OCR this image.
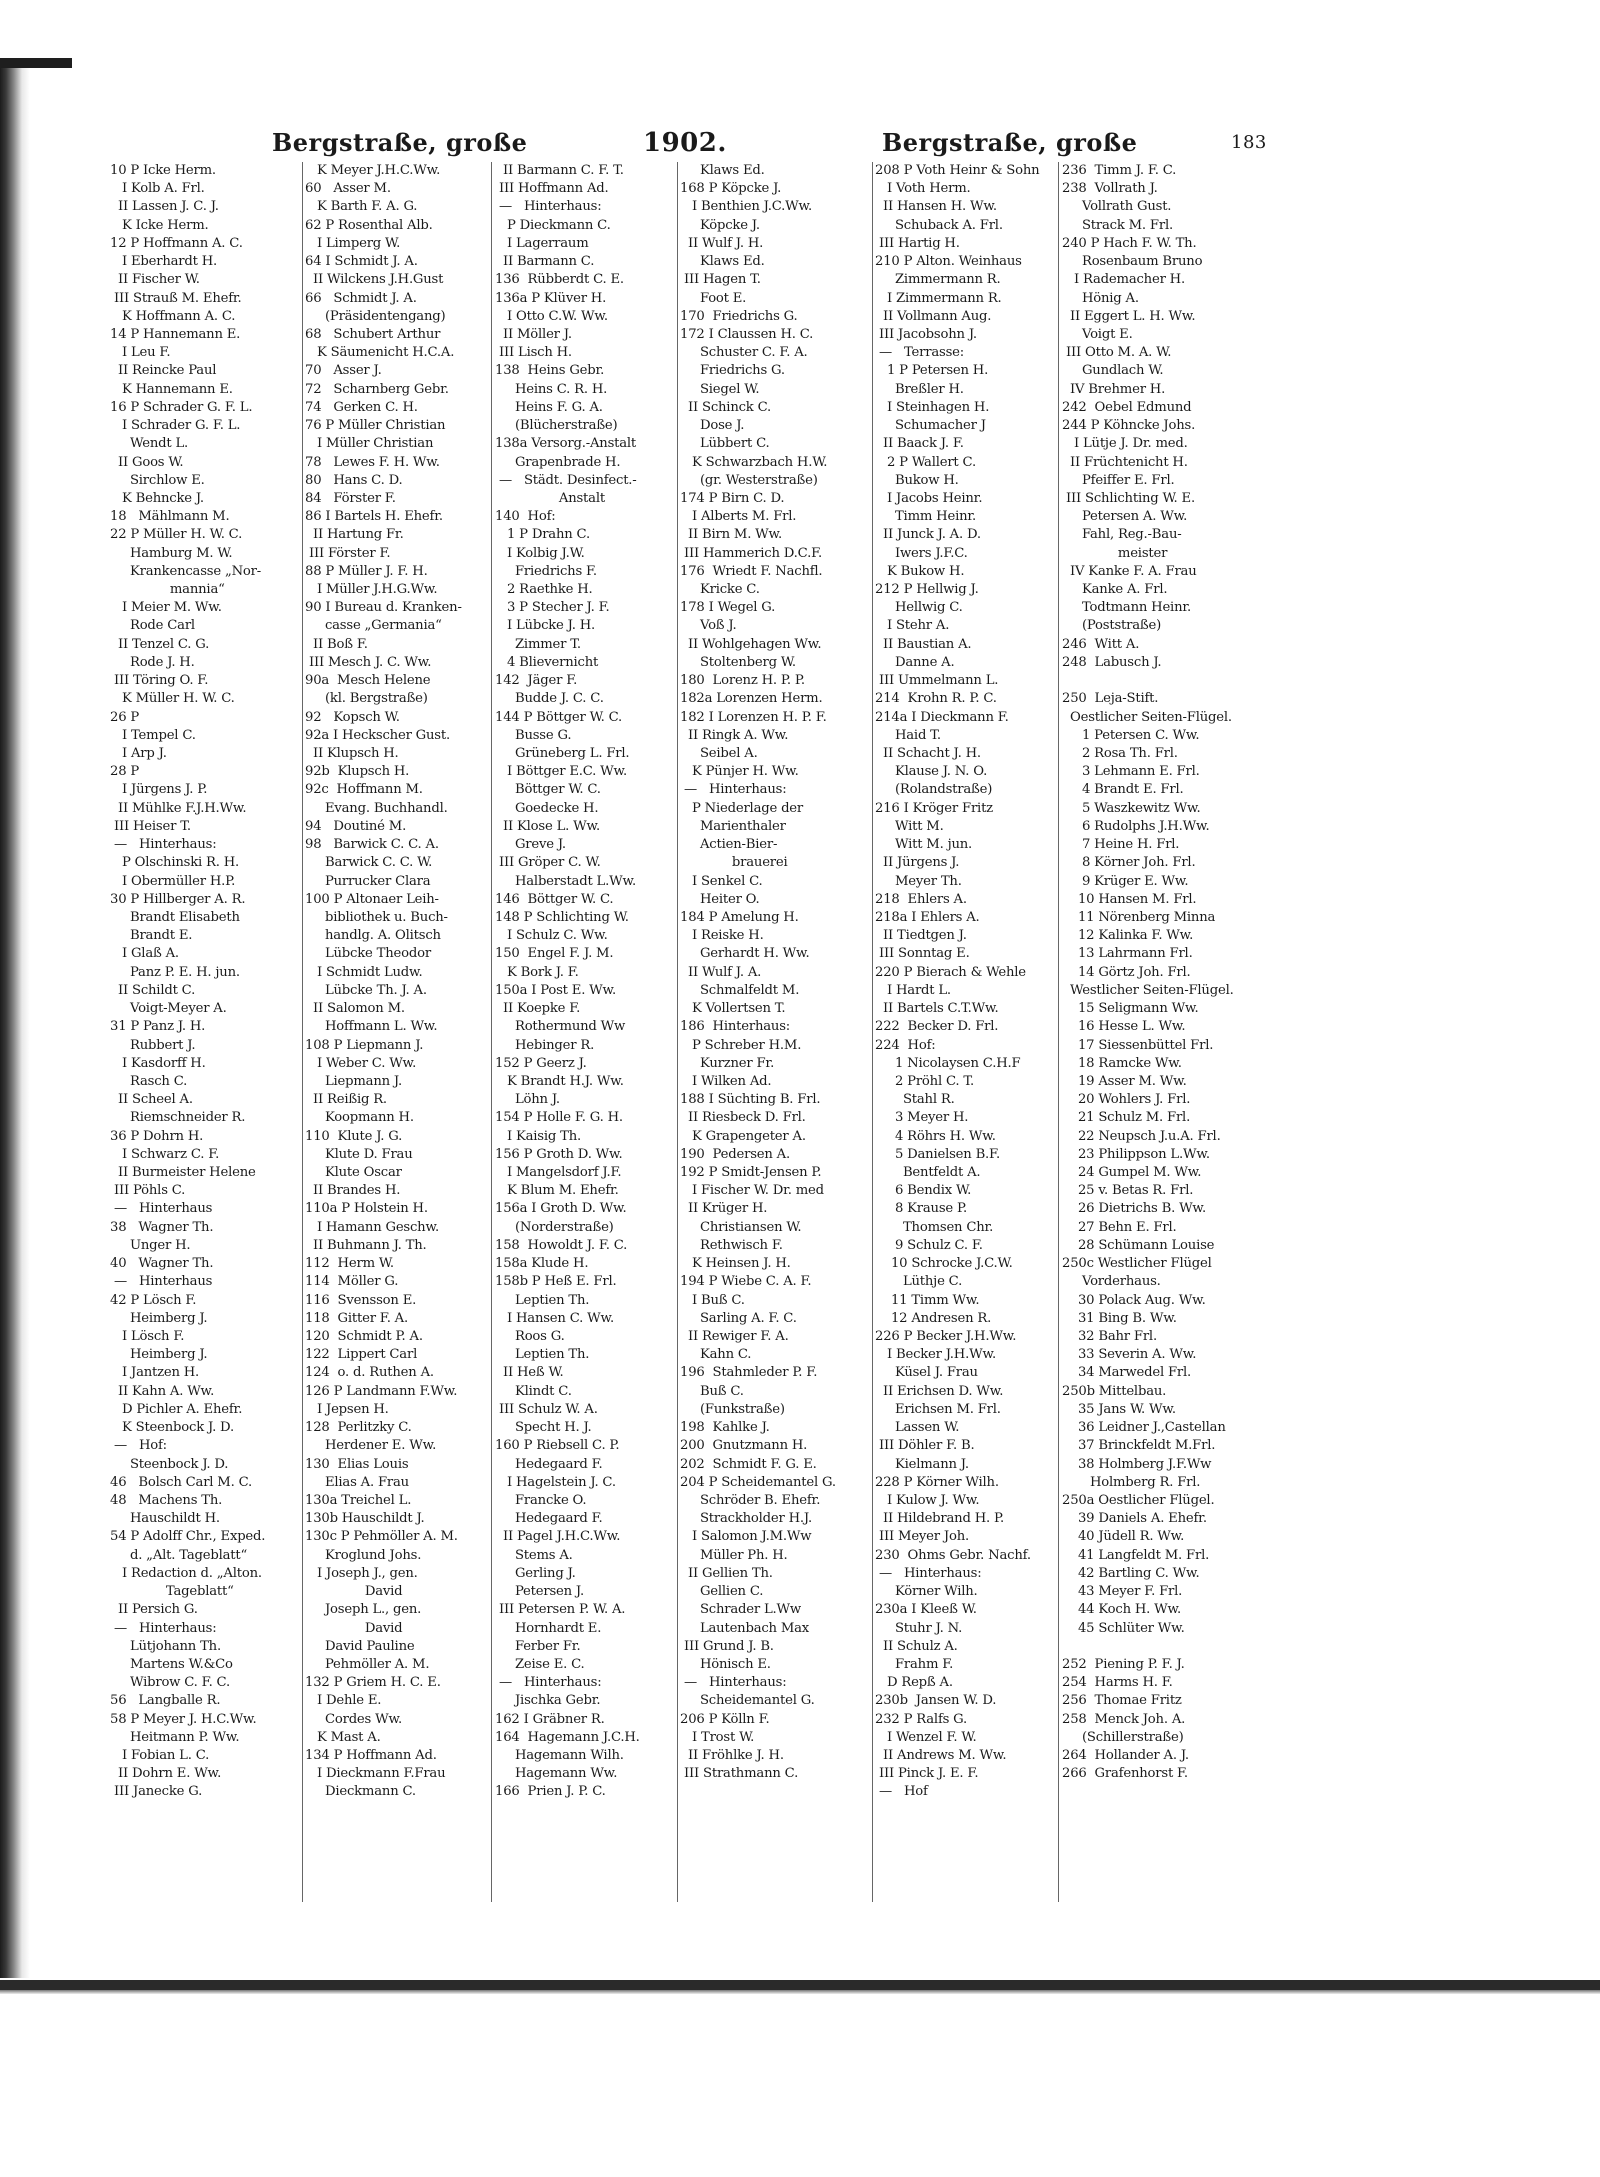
Bergstraße, große	1902.	Bergstraße, große	183
10 P Icke Herm.
I Kolb A. Frl.
II Lassen J. C. J.
K Icke Herm.
12 P Hoffmann A. C.
I Eberhardt H.
II Fischer W.
III Strauß M. Ehefr.
K Hoffmann A. C.
14 P Hannemann E.
I Leu F.
II Reincke Paul
K Hannemann E.
16 P Schrader G. F. L.
I Schrader G. F. L.
Wendt L.
II Goos W.
Sirchlow E.
K Behncke J.
18   Mählmann M.
22 P Müller H. W. C.
Hamburg M. W.
Krankencasse „Nor-
mannia“
I Meier M. Ww.
Rode Carl
II Tenzel C. G.
Rode J. H.
III Töring O. F.
K Müller H. W. C.
26 P
I Tempel C.
I Arp J.
28 P
I Jürgens J. P.
II Mühlke F.J.H.Ww.
III Heiser T.
—   Hinterhaus:
P Olschinski R. H.
I Obermüller H.P.
30 P Hillberger A. R.
Brandt Elisabeth
Brandt E.
I Glaß A.
Panz P. E. H. jun.
II Schildt C.
Voigt-Meyer A.
31 P Panz J. H.
Rubbert J.
I Kasdorff H.
Rasch C.
II Scheel A.
Riemschneider R.
36 P Dohrn H.
I Schwarz C. F.
II Burmeister Helene
III Pöhls C.
—   Hinterhaus
38   Wagner Th.
Unger H.
40   Wagner Th.
—   Hinterhaus
42 P Lösch F.
Heimberg J.
I Lösch F.
Heimberg J.
I Jantzen H.
II Kahn A. Ww.
D Pichler A. Ehefr.
K Steenbock J. D.
—   Hof:
Steenbock J. D.
46   Bolsch Carl M. C.
48   Machens Th.
Hauschildt H.
54 P Adolff Chr., Exped.
d. „Alt. Tageblatt“
I Redaction d. „Alton.
Tageblatt“
II Persich G.
—   Hinterhaus:
Lütjohann Th.
Martens W.&Co
Wibrow C. F. C.
56   Langballe R.
58 P Meyer J. H.C.Ww.
Heitmann P. Ww.
I Fobian L. C.
II Dohrn E. Ww.
III Janecke G.
K Meyer J.H.C.Ww.
60   Asser M.
K Barth F. A. G.
62 P Rosenthal Alb.
I Limperg W.
64 I Schmidt J. A.
II Wilckens J.H.Gust
66   Schmidt J. A.
(Präsidentengang)
68   Schubert Arthur
K Säumenicht H.C.A.
70   Asser J.
72   Scharnberg Gebr.
74   Gerken C. H.
76 P Müller Christian
I Müller Christian
78   Lewes F. H. Ww.
80   Hans C. D.
84   Förster F.
86 I Bartels H. Ehefr.
II Hartung Fr.
III Förster F.
88 P Müller J. F. H.
I Müller J.H.G.Ww.
90 I Bureau d. Kranken-
casse „Germania“
II Boß F.
III Mesch J. C. Ww.
90a  Mesch Helene
(kl. Bergstraße)
92   Kopsch W.
92a I Heckscher Gust.
II Klupsch H.
92b  Klupsch H.
92c  Hoffmann M.
Evang. Buchhandl.
94   Doutiné M.
98   Barwick C. C. A.
Barwick C. C. W.
Purrucker Clara
100 P Altonaer Leih-
bibliothek u. Buch-
handlg. A. Olitsch
Lübcke Theodor
I Schmidt Ludw.
Lübcke Th. J. A.
II Salomon M.
Hoffmann L. Ww.
108 P Liepmann J.
I Weber C. Ww.
Liepmann J.
II Reißig R.
Koopmann H.
110  Klute J. G.
Klute D. Frau
Klute Oscar
II Brandes H.
110a P Holstein H.
I Hamann Geschw.
II Buhmann J. Th.
112  Herm W.
114  Möller G.
116  Svensson E.
118  Gitter F. A.
120  Schmidt P. A.
122  Lippert Carl
124  o. d. Ruthen A.
126 P Landmann F.Ww.
I Jepsen H.
128  Perlitzky C.
Herdener E. Ww.
130  Elias Louis
Elias A. Frau
130a Treichel L.
130b Hauschildt J.
130c P Pehmöller A. M.
Kroglund Johs.
I Joseph J., gen.
David
Joseph L., gen.
David
David Pauline
Pehmöller A. M.
132 P Griem H. C. E.
I Dehle E.
Cordes Ww.
K Mast A.
134 P Hoffmann Ad.
I Dieckmann F.Frau
Dieckmann C.
II Barmann C. F. T.
III Hoffmann Ad.
—   Hinterhaus:
P Dieckmann C.
I Lagerraum
II Barmann C.
136  Rübberdt C. E.
136a P Klüver H.
I Otto C.W. Ww.
II Möller J.
III Lisch H.
138  Heins Gebr.
Heins C. R. H.
Heins F. G. A.
(Blücherstraße)
138a Versorg.-Anstalt
Grapenbrade H.
—   Städt. Desinfect.-
Anstalt
140  Hof:
1 P Drahn C.
I Kolbig J.W.
Friedrichs F.
2 Raethke H.
3 P Stecher J. F.
I Lübcke J. H.
Zimmer T.
4 Blievernicht
142  Jäger F.
Budde J. C. C.
144 P Böttger W. C.
Busse G.
Grüneberg L. Frl.
I Böttger E.C. Ww.
Böttger W. C.
Goedecke H.
II Klose L. Ww.
Greve J.
III Gröper C. W.
Halberstadt L.Ww.
146  Böttger W. C.
148 P Schlichting W.
I Schulz C. Ww.
150  Engel F. J. M.
K Bork J. F.
150a I Post E. Ww.
II Koepke F.
Rothermund Ww
Hebinger R.
152 P Geerz J.
K Brandt H.J. Ww.
Löhn J.
154 P Holle F. G. H.
I Kaisig Th.
156 P Groth D. Ww.
I Mangelsdorf J.F.
K Blum M. Ehefr.
156a I Groth D. Ww.
(Norderstraße)
158  Howoldt J. F. C.
158a Klude H.
158b P Heß E. Frl.
Leptien Th.
I Hansen C. Ww.
Roos G.
Leptien Th.
II Heß W.
Klindt C.
III Schulz W. A.
Specht H. J.
160 P Riebsell C. P.
Hedegaard F.
I Hagelstein J. C.
Francke O.
Hedegaard F.
II Pagel J.H.C.Ww.
Stems A.
Gerling J.
Petersen J.
III Petersen P. W. A.
Hornhardt E.
Ferber Fr.
Zeise E. C.
—   Hinterhaus:
Jischka Gebr.
162 I Gräbner R.
164  Hagemann J.C.H.
Hagemann Wilh.
Hagemann Ww.
166  Prien J. P. C.
Klaws Ed.
168 P Köpcke J.
I Benthien J.C.Ww.
Köpcke J.
II Wulf J. H.
Klaws Ed.
III Hagen T.
Foot E.
170  Friedrichs G.
172 I Claussen H. C.
Schuster C. F. A.
Friedrichs G.
Siegel W.
II Schinck C.
Dose J.
Lübbert C.
K Schwarzbach H.W.
(gr. Westerstraße)
174 P Birn C. D.
I Alberts M. Frl.
II Birn M. Ww.
III Hammerich D.C.F.
176  Wriedt F. Nachfl.
Kricke C.
178 I Wegel G.
Voß J.
II Wohlgehagen Ww.
Stoltenberg W.
180  Lorenz H. P. P.
182a Lorenzen Herm.
182 I Lorenzen H. P. F.
II Ringk A. Ww.
Seibel A.
K Pünjer H. Ww.
—   Hinterhaus:
P Niederlage der
Marienthaler
Actien-Bier-
brauerei
I Senkel C.
Heiter O.
184 P Amelung H.
I Reiske H.
Gerhardt H. Ww.
II Wulf J. A.
Schmalfeldt M.
K Vollertsen T.
186  Hinterhaus:
P Schreber H.M.
Kurzner Fr.
I Wilken Ad.
188 I Süchting B. Frl.
II Riesbeck D. Frl.
K Grapengeter A.
190  Pedersen A.
192 P Smidt-Jensen P.
I Fischer W. Dr. med
II Krüger H.
Christiansen W.
Rethwisch F.
K Heinsen J. H.
194 P Wiebe C. A. F.
I Buß C.
Sarling A. F. C.
II Rewiger F. A.
Kahn C.
196  Stahmleder P. F.
Buß C.
(Funkstraße)
198  Kahlke J.
200  Gnutzmann H.
202  Schmidt F. G. E.
204 P Scheidemantel G.
Schröder B. Ehefr.
Strackholder H.J.
I Salomon J.M.Ww
Müller Ph. H.
II Gellien Th.
Gellien C.
Schrader L.Ww
Lautenbach Max
III Grund J. B.
Hönisch E.
—   Hinterhaus:
Scheidemantel G.
206 P Kölln F.
I Trost W.
II Fröhlke J. H.
III Strathmann C.
208 P Voth Heinr & Sohn
I Voth Herm.
II Hansen H. Ww.
Schuback A. Frl.
III Hartig H.
210 P Alton. Weinhaus
Zimmermann R.
I Zimmermann R.
II Vollmann Aug.
III Jacobsohn J.
—   Terrasse:
1 P Petersen H.
Breßler H.
I Steinhagen H.
Schumacher J
II Baack J. F.
2 P Wallert C.
Bukow H.
I Jacobs Heinr.
Timm Heinr.
II Junck J. A. D.
Iwers J.F.C.
K Bukow H.
212 P Hellwig J.
Hellwig C.
I Stehr A.
II Baustian A.
Danne A.
III Ummelmann L.
214  Krohn R. P. C.
214a I Dieckmann F.
Haid T.
II Schacht J. H.
Klause J. N. O.
(Rolandstraße)
216 I Kröger Fritz
Witt M.
Witt M. jun.
II Jürgens J.
Meyer Th.
218  Ehlers A.
218a I Ehlers A.
II Tiedtgen J.
III Sonntag E.
220 P Bierach & Wehle
I Hardt L.
II Bartels C.T.Ww.
222  Becker D. Frl.
224  Hof:
1 Nicolaysen C.H.F
2 Pröhl C. T.
Stahl R.
3 Meyer H.
4 Röhrs H. Ww.
5 Danielsen B.F.
Bentfeldt A.
6 Bendix W.
8 Krause P.
Thomsen Chr.
9 Schulz C. F.
10 Schrocke J.C.W.
Lüthje C.
11 Timm Ww.
12 Andresen R.
226 P Becker J.H.Ww.
I Becker J.H.Ww.
Küsel J. Frau
II Erichsen D. Ww.
Erichsen M. Frl.
Lassen W.
III Döhler F. B.
Kielmann J.
228 P Körner Wilh.
I Kulow J. Ww.
II Hildebrand H. P.
III Meyer Joh.
230  Ohms Gebr. Nachf.
—   Hinterhaus:
Körner Wilh.
230a I Kleeß W.
Stuhr J. N.
II Schulz A.
Frahm F.
D Repß A.
230b  Jansen W. D.
232 P Ralfs G.
I Wenzel F. W.
II Andrews M. Ww.
III Pinck J. E. F.
—   Hof
236  Timm J. F. C.
238  Vollrath J.
Vollrath Gust.
Strack M. Frl.
240 P Hach F. W. Th.
Rosenbaum Bruno
I Rademacher H.
Hönig A.
II Eggert L. H. Ww.
Voigt E.
III Otto M. A. W.
Gundlach W.
IV Brehmer H.
242  Oebel Edmund
244 P Köhncke Johs.
I Lütje J. Dr. med.
II Früchtenicht H.
Pfeiffer E. Frl.
III Schlichting W. E.
Petersen A. Ww.
Fahl, Reg.-Bau-
meister
IV Kanke F. A. Frau
Kanke A. Frl.
Todtmann Heinr.
(Poststraße)
246  Witt A.
248  Labusch J.
250  Leja-Stift.
Oestlicher Seiten-Flügel.
1 Petersen C. Ww.
2 Rosa Th. Frl.
3 Lehmann E. Frl.
4 Brandt E. Frl.
5 Waszkewitz Ww.
6 Rudolphs J.H.Ww.
7 Heine H. Frl.
8 Körner Joh. Frl.
9 Krüger E. Ww.
10 Hansen M. Frl.
11 Nörenberg Minna
12 Kalinka F. Ww.
13 Lahrmann Frl.
14 Görtz Joh. Frl.
Westlicher Seiten-Flügel.
15 Seligmann Ww.
16 Hesse L. Ww.
17 Siessenbüttel Frl.
18 Ramcke Ww.
19 Asser M. Ww.
20 Wohlers J. Frl.
21 Schulz M. Frl.
22 Neupsch J.u.A. Frl.
23 Philippson L.Ww.
24 Gumpel M. Ww.
25 v. Betas R. Frl.
26 Dietrichs B. Ww.
27 Behn E. Frl.
28 Schümann Louise
250c Westlicher Flügel
Vorderhaus.
30 Polack Aug. Ww.
31 Bing B. Ww.
32 Bahr Frl.
33 Severin A. Ww.
34 Marwedel Frl.
250b Mittelbau.
35 Jans W. Ww.
36 Leidner J.,Castellan
37 Brinckfeldt M.Frl.
38 Holmberg J.F.Ww
Holmberg R. Frl.
250a Oestlicher Flügel.
39 Daniels A. Ehefr.
40 Jüdell R. Ww.
41 Langfeldt M. Frl.
42 Bartling C. Ww.
43 Meyer F. Frl.
44 Koch H. Ww.
45 Schlüter Ww.
252  Piening P. F. J.
254  Harms H. F.
256  Thomae Fritz
258  Menck Joh. A.
(Schillerstraße)
264  Hollander A. J.
266  Grafenhorst F.
